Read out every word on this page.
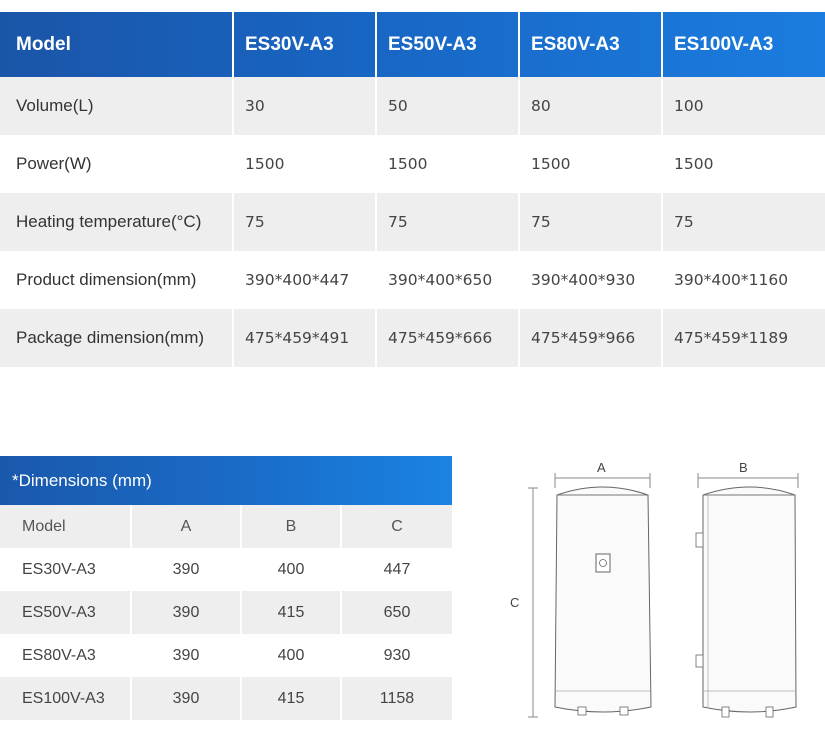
Model	ES30V-A3	ES50V-A3	ES80V-A3	ES100V-A3
Volume(L)	30	50	80	100
Power(W)	1500	1500	1500	1500
Heating temperature(°C)	75	75	75	75
Product dimension(mm)	390*400*447	390*400*650	390*400*930	390*400*1160
Package dimension(mm)	475*459*491	475*459*666	475*459*966	475*459*1189
*Dimensions (mm)
Model	A	B	C
ES30V-A3	390	400	447
ES50V-A3	390	415	650
ES80V-A3	390	400	930
ES100V-A3	390	415	1158
C
A	B
